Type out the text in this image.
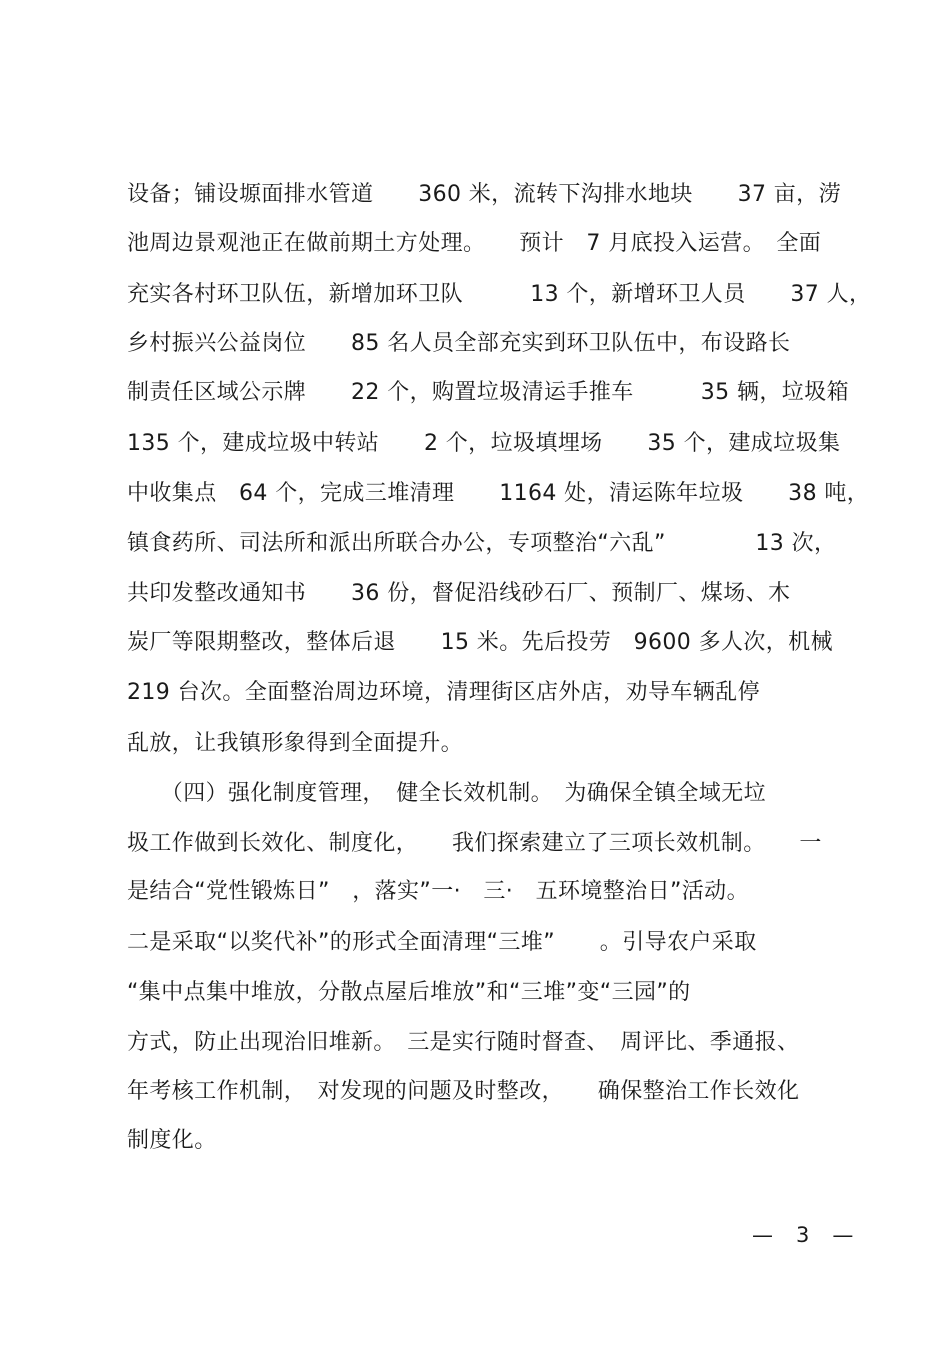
设备；铺设塬面排水管道　　360 米，流转下沟排水地块　　37 亩，涝
池周边景观池正在做前期土方处理。　　预计　7 月底投入运营。　全面
充实各村环卫队伍，新增加环卫队　　　13 个，新增环卫人员　　37 人，
乡村振兴公益岗位　　85 名人员全部充实到环卫队伍中，布设路长
制责任区域公示牌　　22 个，购置垃圾清运手推车　　　35 辆，垃圾箱
135 个，建成垃圾中转站　　2 个，垃圾填埋场　　35 个，建成垃圾集
中收集点　64 个，完成三堆清理　　1164 处，清运陈年垃圾　　38 吨，
镇食药所、司法所和派出所联合办公，专项整治“六乱”　　　　13 次，
共印发整改通知书　　36 份，督促沿线砂石厂、预制厂、煤场、木
炭厂等限期整改，整体后退　　15 米。先后投劳　9600 多人次，机械
219 台次。全面整治周边环境，清理街区店外店，劝导车辆乱停
乱放，让我镇形象得到全面提升。
　　（四）强化制度管理，　健全长效机制。　为确保全镇全域无垃
圾工作做到长效化、制度化，　　我们探索建立了三项长效机制。　　一
是结合“党性锻炼日”　，落实”一·　三·　五环境整治日”活动。
二是采取“以奖代补”的形式全面清理“三堆”　　。引导农户采取
“集中点集中堆放，分散点屋后堆放”和“三堆”变“三园”的
方式，防止出现治旧堆新。　三是实行随时督查、　周评比、季通报、
年考核工作机制，　对发现的问题及时整改，　　确保整治工作长效化
制度化。
—　3　—
